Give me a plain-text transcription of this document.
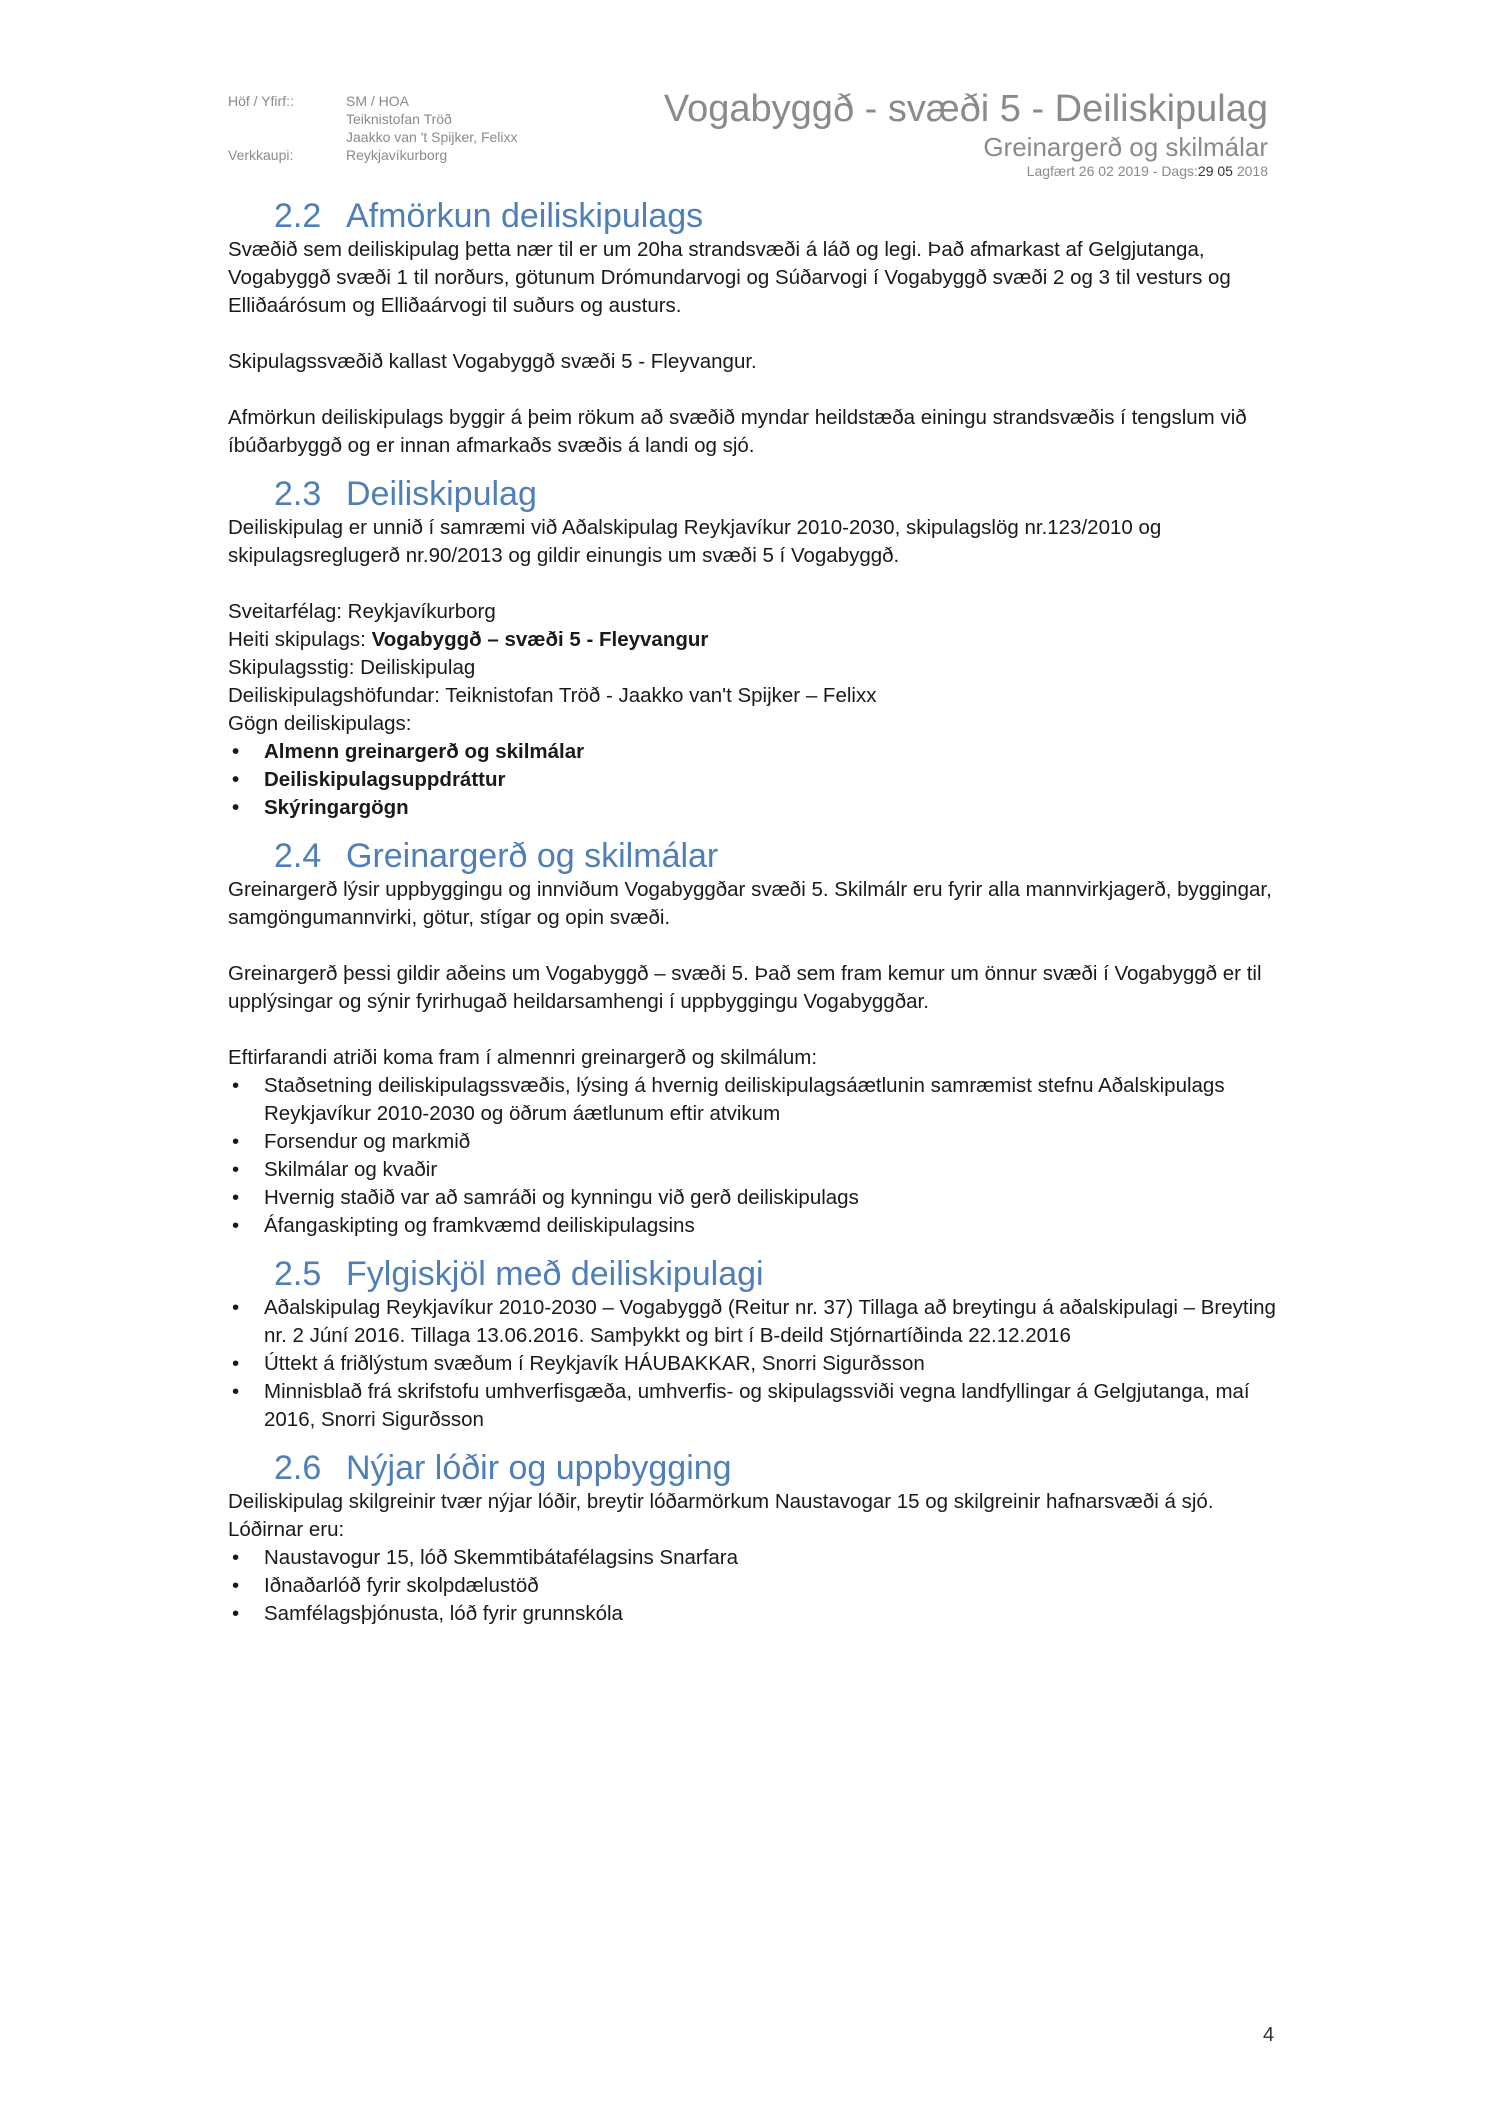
Höf / Yfirf::	SM / HOA
Teiknistofan Tröð
Jaakko van 't Spijker, Felixx
Verkkaupi:	Reykjavíkurborg
Vogabyggð - svæði 5 - Deiliskipulag
Greinargerð og skilmálar
Lagfært 26 02 2019 - Dags:29 05 2018
2.2 Afmörkun deiliskipulags

Svæðið sem deiliskipulag þetta nær til er um 20ha strandsvæði á láð og legi. Það afmarkast af Gelgjutanga, Vogabyggð svæði 1 til norðurs, götunum Drómundarvogi og Súðarvogi í Vogabyggð svæði 2 og 3 til vesturs og Elliðaárósum og Elliðaárvogi til suðurs og austurs.

Skipulagssvæðið kallast Vogabyggð svæði 5 - Fleyvangur.

Afmörkun deiliskipulags byggir á þeim rökum að svæðið myndar heildstæða einingu strandsvæðis í tengslum við íbúðarbyggð og er innan afmarkaðs svæðis á landi og sjó.

2.3 Deiliskipulag

Deiliskipulag er unnið í samræmi við Aðalskipulag Reykjavíkur 2010-2030, skipulagslög nr.123/2010 og skipulagsreglugerð nr.90/2013 og gildir einungis um svæði 5 í Vogabyggð.

Sveitarfélag: Reykjavíkurborg

Heiti skipulags: Vogabyggð – svæði 5 - Fleyvangur

Skipulagsstig: Deiliskipulag

Deiliskipulagshöfundar: Teiknistofan Tröð - Jaakko van't Spijker – Felixx

Gögn deiliskipulags:

• Almenn greinargerð og skilmálar
• Deiliskipulagsuppdráttur
• Skýringargögn
2.4 Greinargerð og skilmálar

Greinargerð lýsir uppbyggingu og innviðum Vogabyggðar svæði 5. Skilmálr eru fyrir alla mannvirkjagerð, byggingar, samgöngumannvirki, götur, stígar og opin svæði.

Greinargerð þessi gildir aðeins um Vogabyggð – svæði 5. Það sem fram kemur um önnur svæði í Vogabyggð er til upplýsingar og sýnir fyrirhugað heildarsamhengi í uppbyggingu Vogabyggðar.

Eftirfarandi atriði koma fram í almennri greinargerð og skilmálum:

• Staðsetning deiliskipulagssvæðis, lýsing á hvernig deiliskipulagsáætlunin samræmist stefnu Aðalskipulags Reykjavíkur 2010-2030 og öðrum áætlunum eftir atvikum
• Forsendur og markmið
• Skilmálar og kvaðir
• Hvernig staðið var að samráði og kynningu við gerð deiliskipulags
• Áfangaskipting og framkvæmd deiliskipulagsins
2.5 Fylgiskjöl með deiliskipulagi
• Aðalskipulag Reykjavíkur 2010-2030 – Vogabyggð (Reitur nr. 37) Tillaga að breytingu á aðalskipulagi – Breyting nr. 2 Júní 2016. Tillaga 13.06.2016. Samþykkt og birt í B-deild Stjórnartíðinda 22.12.2016
• Úttekt á friðlýstum svæðum í Reykjavík HÁUBAKKAR, Snorri Sigurðsson
• Minnisblað frá skrifstofu umhverfisgæða, umhverfis- og skipulagssviði vegna landfyllingar á Gelgjutanga, maí 2016, Snorri Sigurðsson
2.6 Nýjar lóðir og uppbygging

Deiliskipulag skilgreinir tvær nýjar lóðir, breytir lóðarmörkum Naustavogar 15 og skilgreinir hafnarsvæði á sjó. Lóðirnar eru:

• Naustavogur 15, lóð Skemmtibátafélagsins Snarfara
• Iðnaðarlóð fyrir skolpdælustöð
• Samfélagsþjónusta, lóð fyrir grunnskóla
4
